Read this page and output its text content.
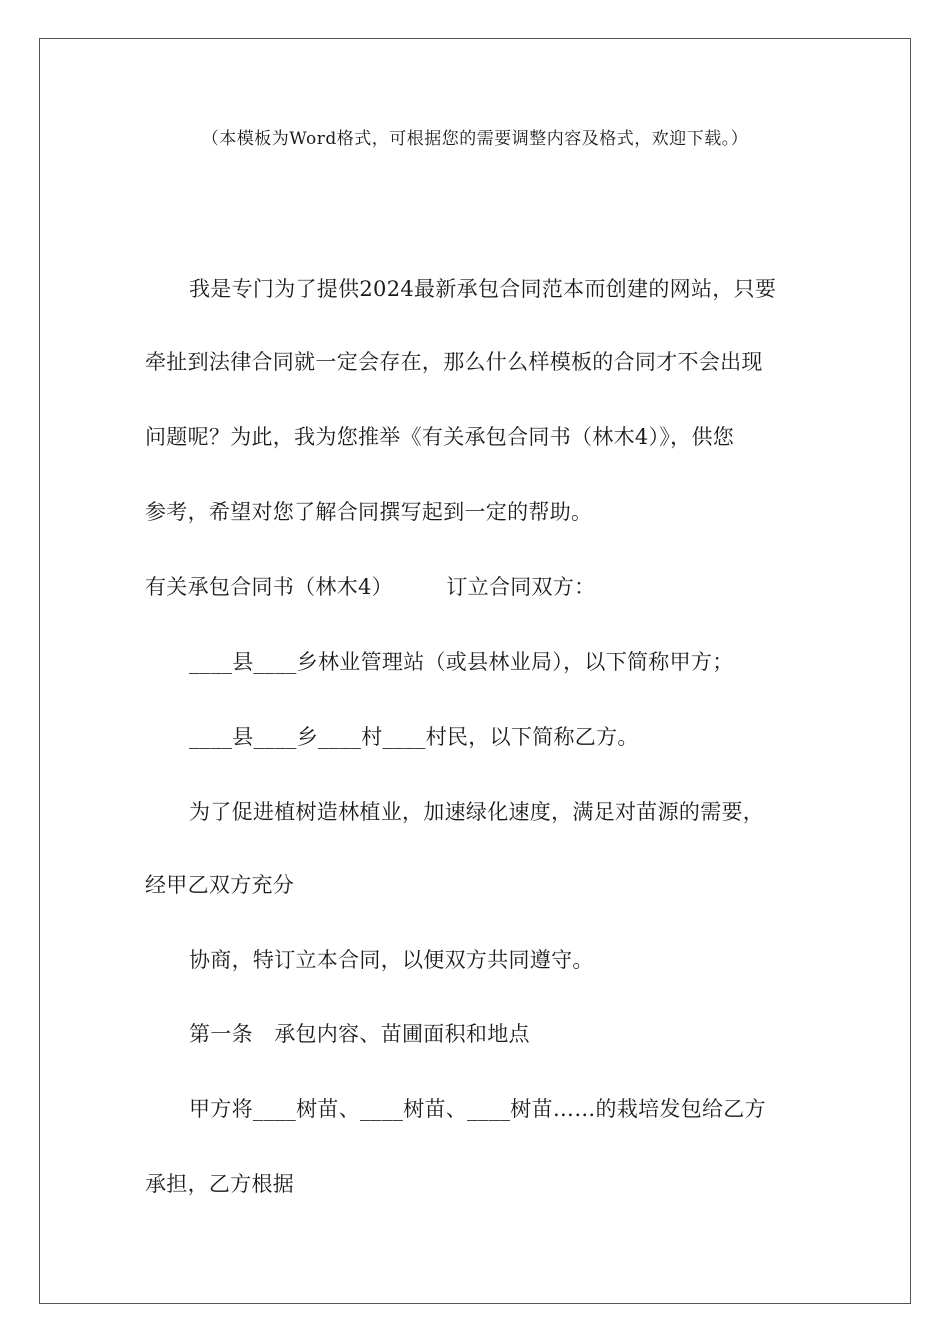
（本模板为Word格式，可根据您的需要调整内容及格式，欢迎下载。）
我是专门为了提供2024最新承包合同范本而创建的网站，只要
牵扯到法律合同就一定会存在，那么什么样模板的合同才不会出现
问题呢？为此，我为您推举《有关承包合同书（林木4）》，供您
参考，希望对您了解合同撰写起到一定的帮助。
有关承包合同书（林木4）　　　订立合同双方：
____县____乡林业管理站（或县林业局），以下简称甲方；
____县____乡____村____村民，以下简称乙方。
为了促进植树造林植业，加速绿化速度，满足对苗源的需要，
经甲乙双方充分
协商，特订立本合同，以便双方共同遵守。
第一条　承包内容、苗圃面积和地点
甲方将____树苗、____树苗、____树苗……的栽培发包给乙方
承担，乙方根据
